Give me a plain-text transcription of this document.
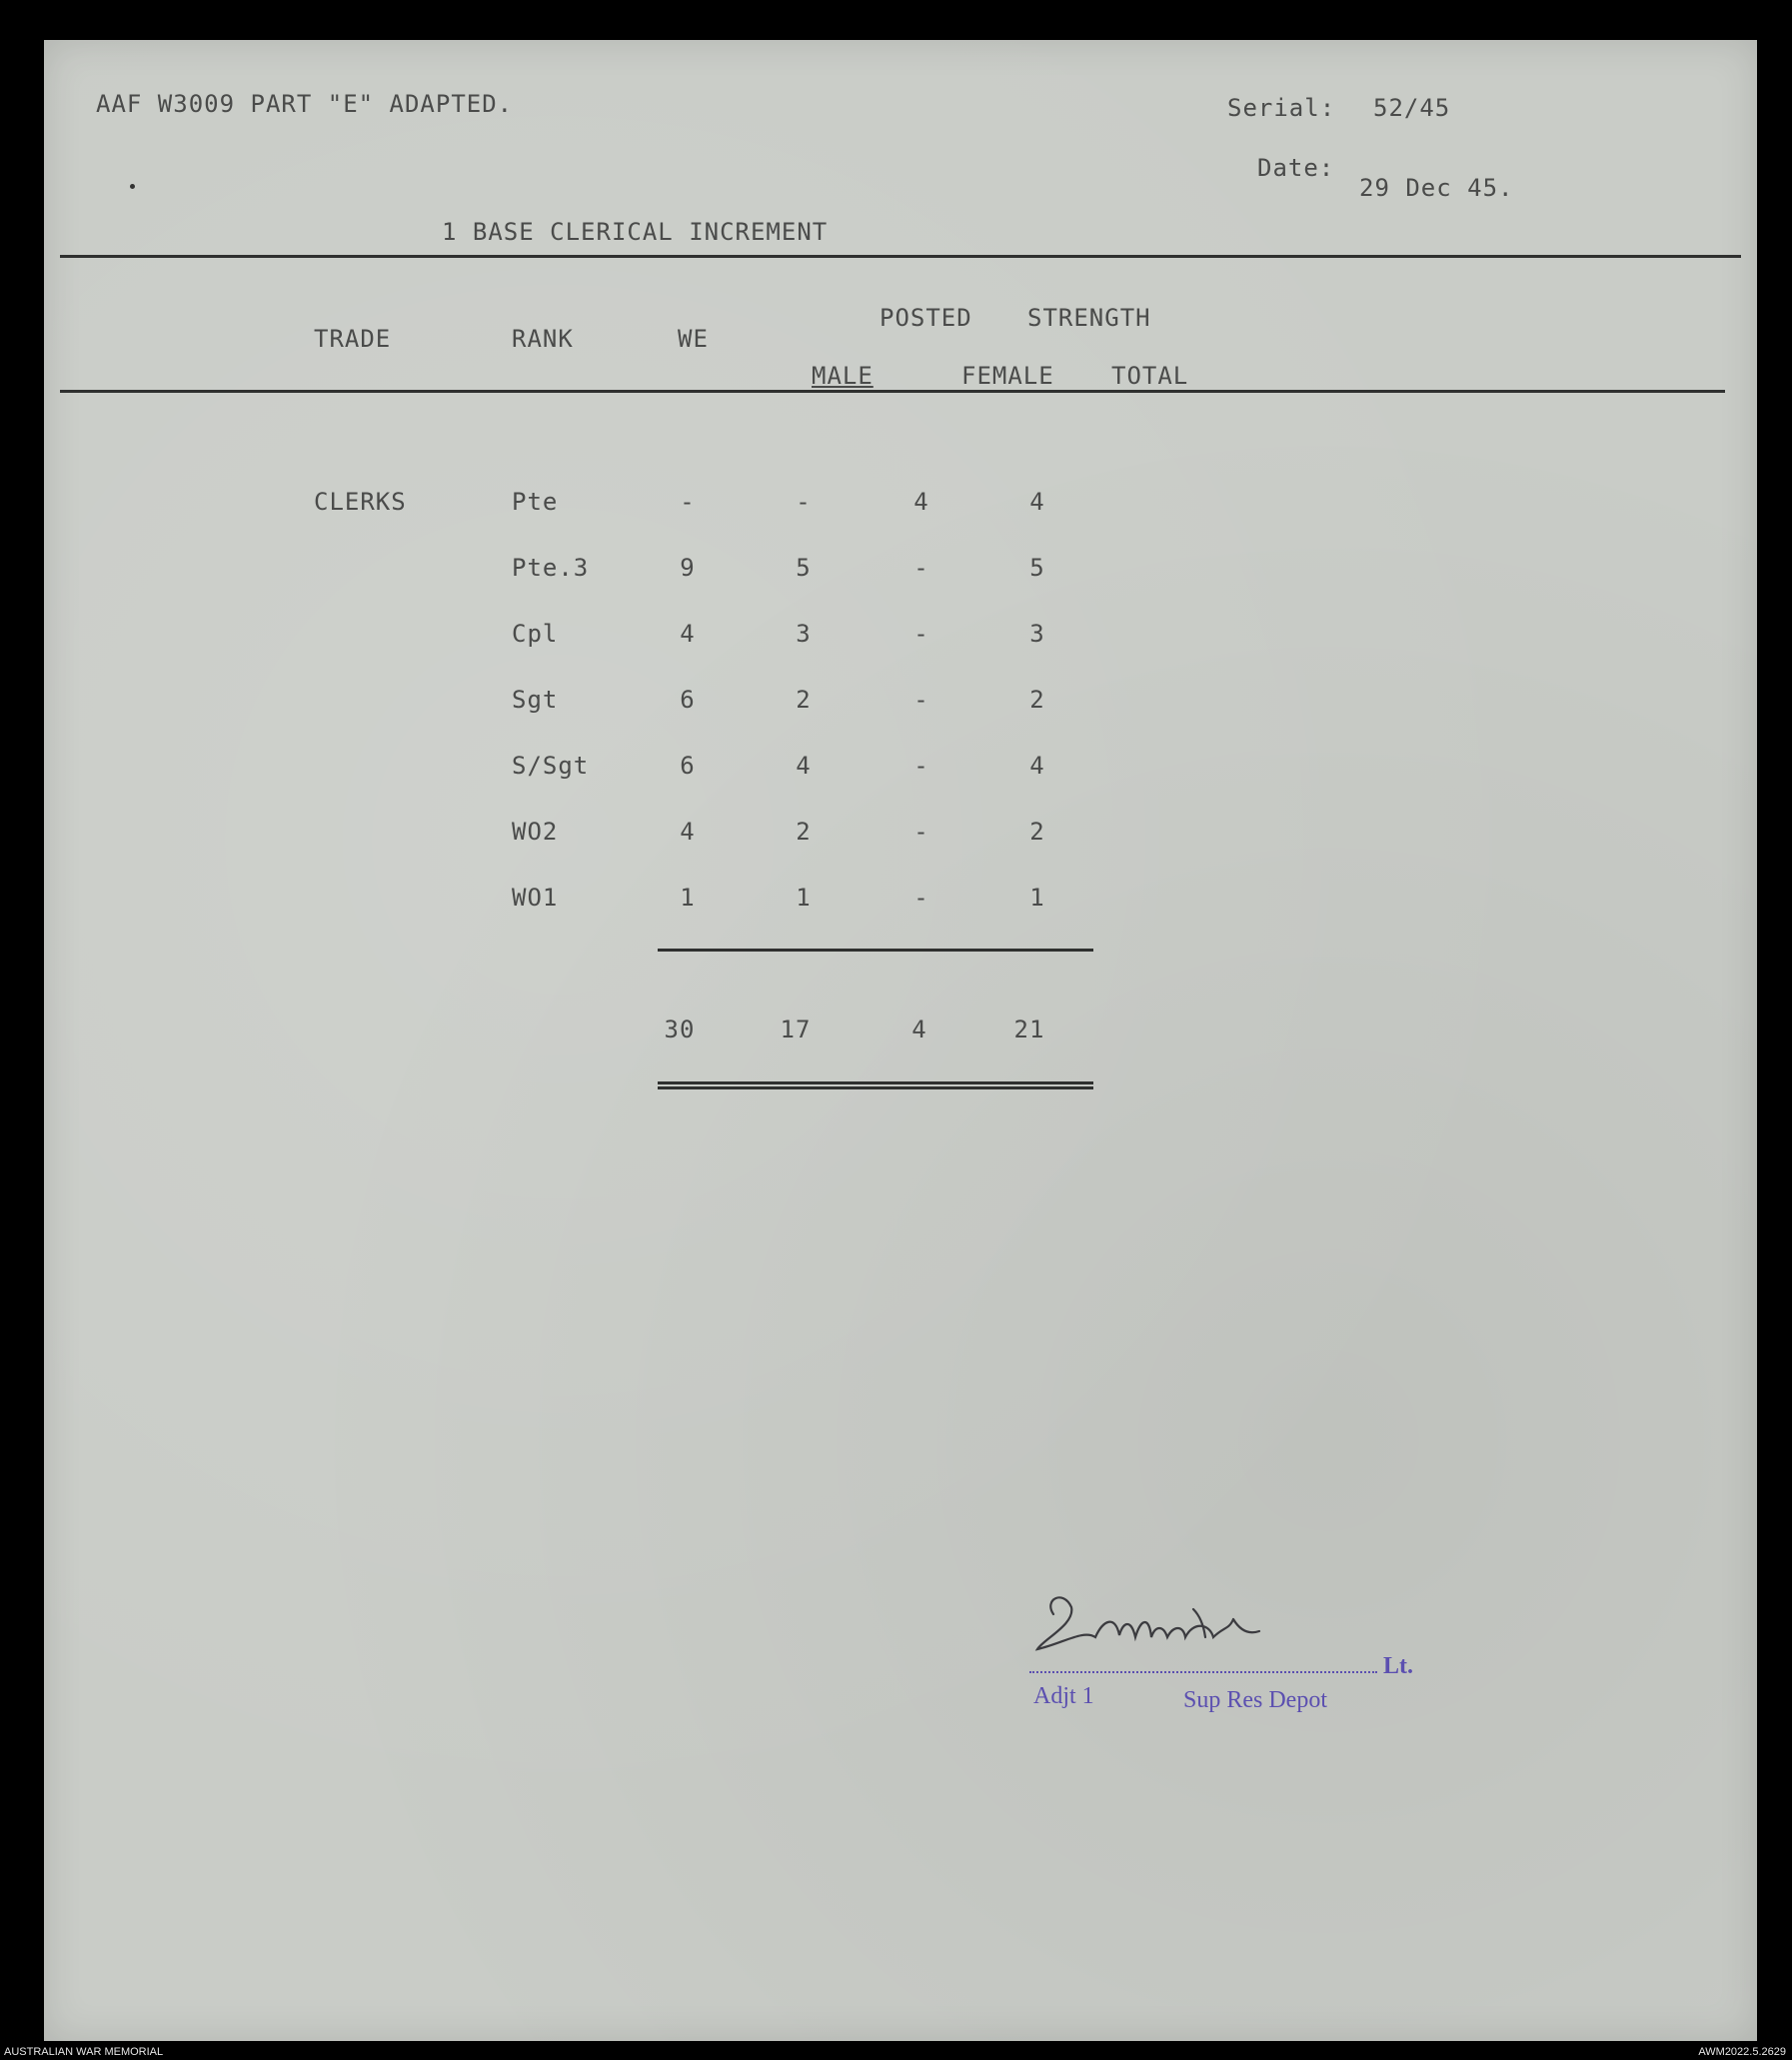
AAF W3009 PART "E" ADAPTED.	Serial: 52/45
Date:
29 Dec 45.
1 BASE CLERICAL INCREMENT
TRADE	RANK	WE
POSTED STRENGTH
MALE	FEMALE TOTAL
CLERKS	Pte	-	-	4	4
Pte.3	9	5	-	5
Cpl	4	3	-	3
Sgt	6	2	-	2
S/Sgt	6	4	-	4
WO2	4	2	-	2
WO1	1	1	-	1
30	17	4	21
Lt.
Adjt 1	Sup Res Depot
AUSTRALIAN WAR MEMORIAL	AWM2022.5.2629
